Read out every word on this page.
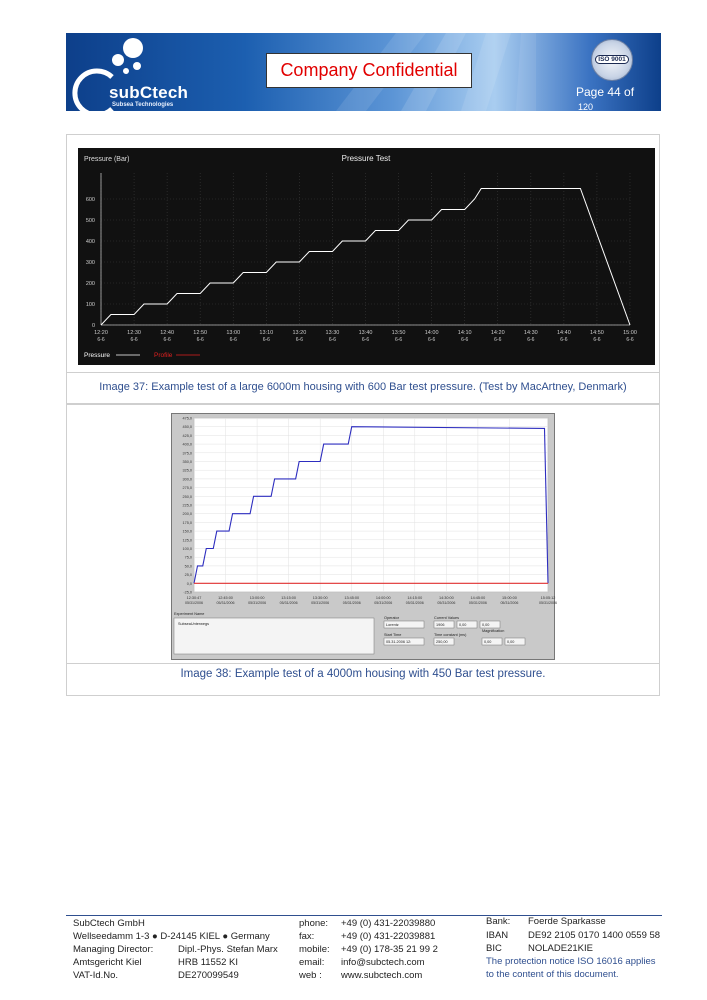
subCtech
Subsea Technologies
Company Confidential
ISO 9001
Page 44 of
120
Pressure (Bar)	Pressure Test
0
100
200
300
400
500
600
12:20
6-6
12:30
6-6
12:40
6-6
12:50
6-6
13:00
6-6
13:10
6-6
13:20
6-6
13:30
6-6
13:40
6-6
13:50
6-6
14:00
6-6
14:10
6-6
14:20
6-6
14:30
6-6
14:40
6-6
14:50
6-6
15:00
6-6
Pressure	Profile
Image 37: Example test of a large 6000m housing with 600 Bar test pressure. (Test by MacArtney, Denmark)
-25,0
0,0
25,0
50,0
75,0
100,0
125,0
150,0
175,0
200,0
225,0
250,0
275,0
300,0
325,0
350,0
375,0
400,0
425,0
450,0
475,0
12:30:47
05/31/2006
12:45:00
05/31/2006
13:00:00
05/31/2006
13:15:00
05/31/2006
13:30:00
05/31/2006
13:45:00
05/31/2006
14:00:00
05/31/2006
14:15:00
05/31/2006
14:30:00
05/31/2006
14:45:00
05/31/2006
15:00:00
05/31/2006
15:05:12
05/31/2006
Experiment Name
SubseaUnterwegs
Operator
Lorentz
Start Time
05.31.2006 12:
Current Values
1906	0,00	0,00
Time constant (ms)
250,00
Magnification
0,00	0,00
Image 38: Example test of a 4000m housing with 450 Bar test pressure.
SubCtech GmbH
Wellseedamm 1-3 ● D-24145 KIEL ● Germany
Managing Director:	Dipl.-Phys. Stefan Marx
Amtsgericht Kiel	HRB 11552 KI
VAT-Id.No.	DE270099549
phone: +49 (0) 431-22039880
fax:	+49 (0) 431-22039881
mobile: +49 (0) 178-35 21 99 2
email: info@subctech.com
web : www.subctech.com
Bank: Foerde Sparkasse
IBAN DE92 2105 0170 1400 0559 58
BIC	NOLADE21KIE
The protection notice ISO 16016 applies
to the content of this document.
